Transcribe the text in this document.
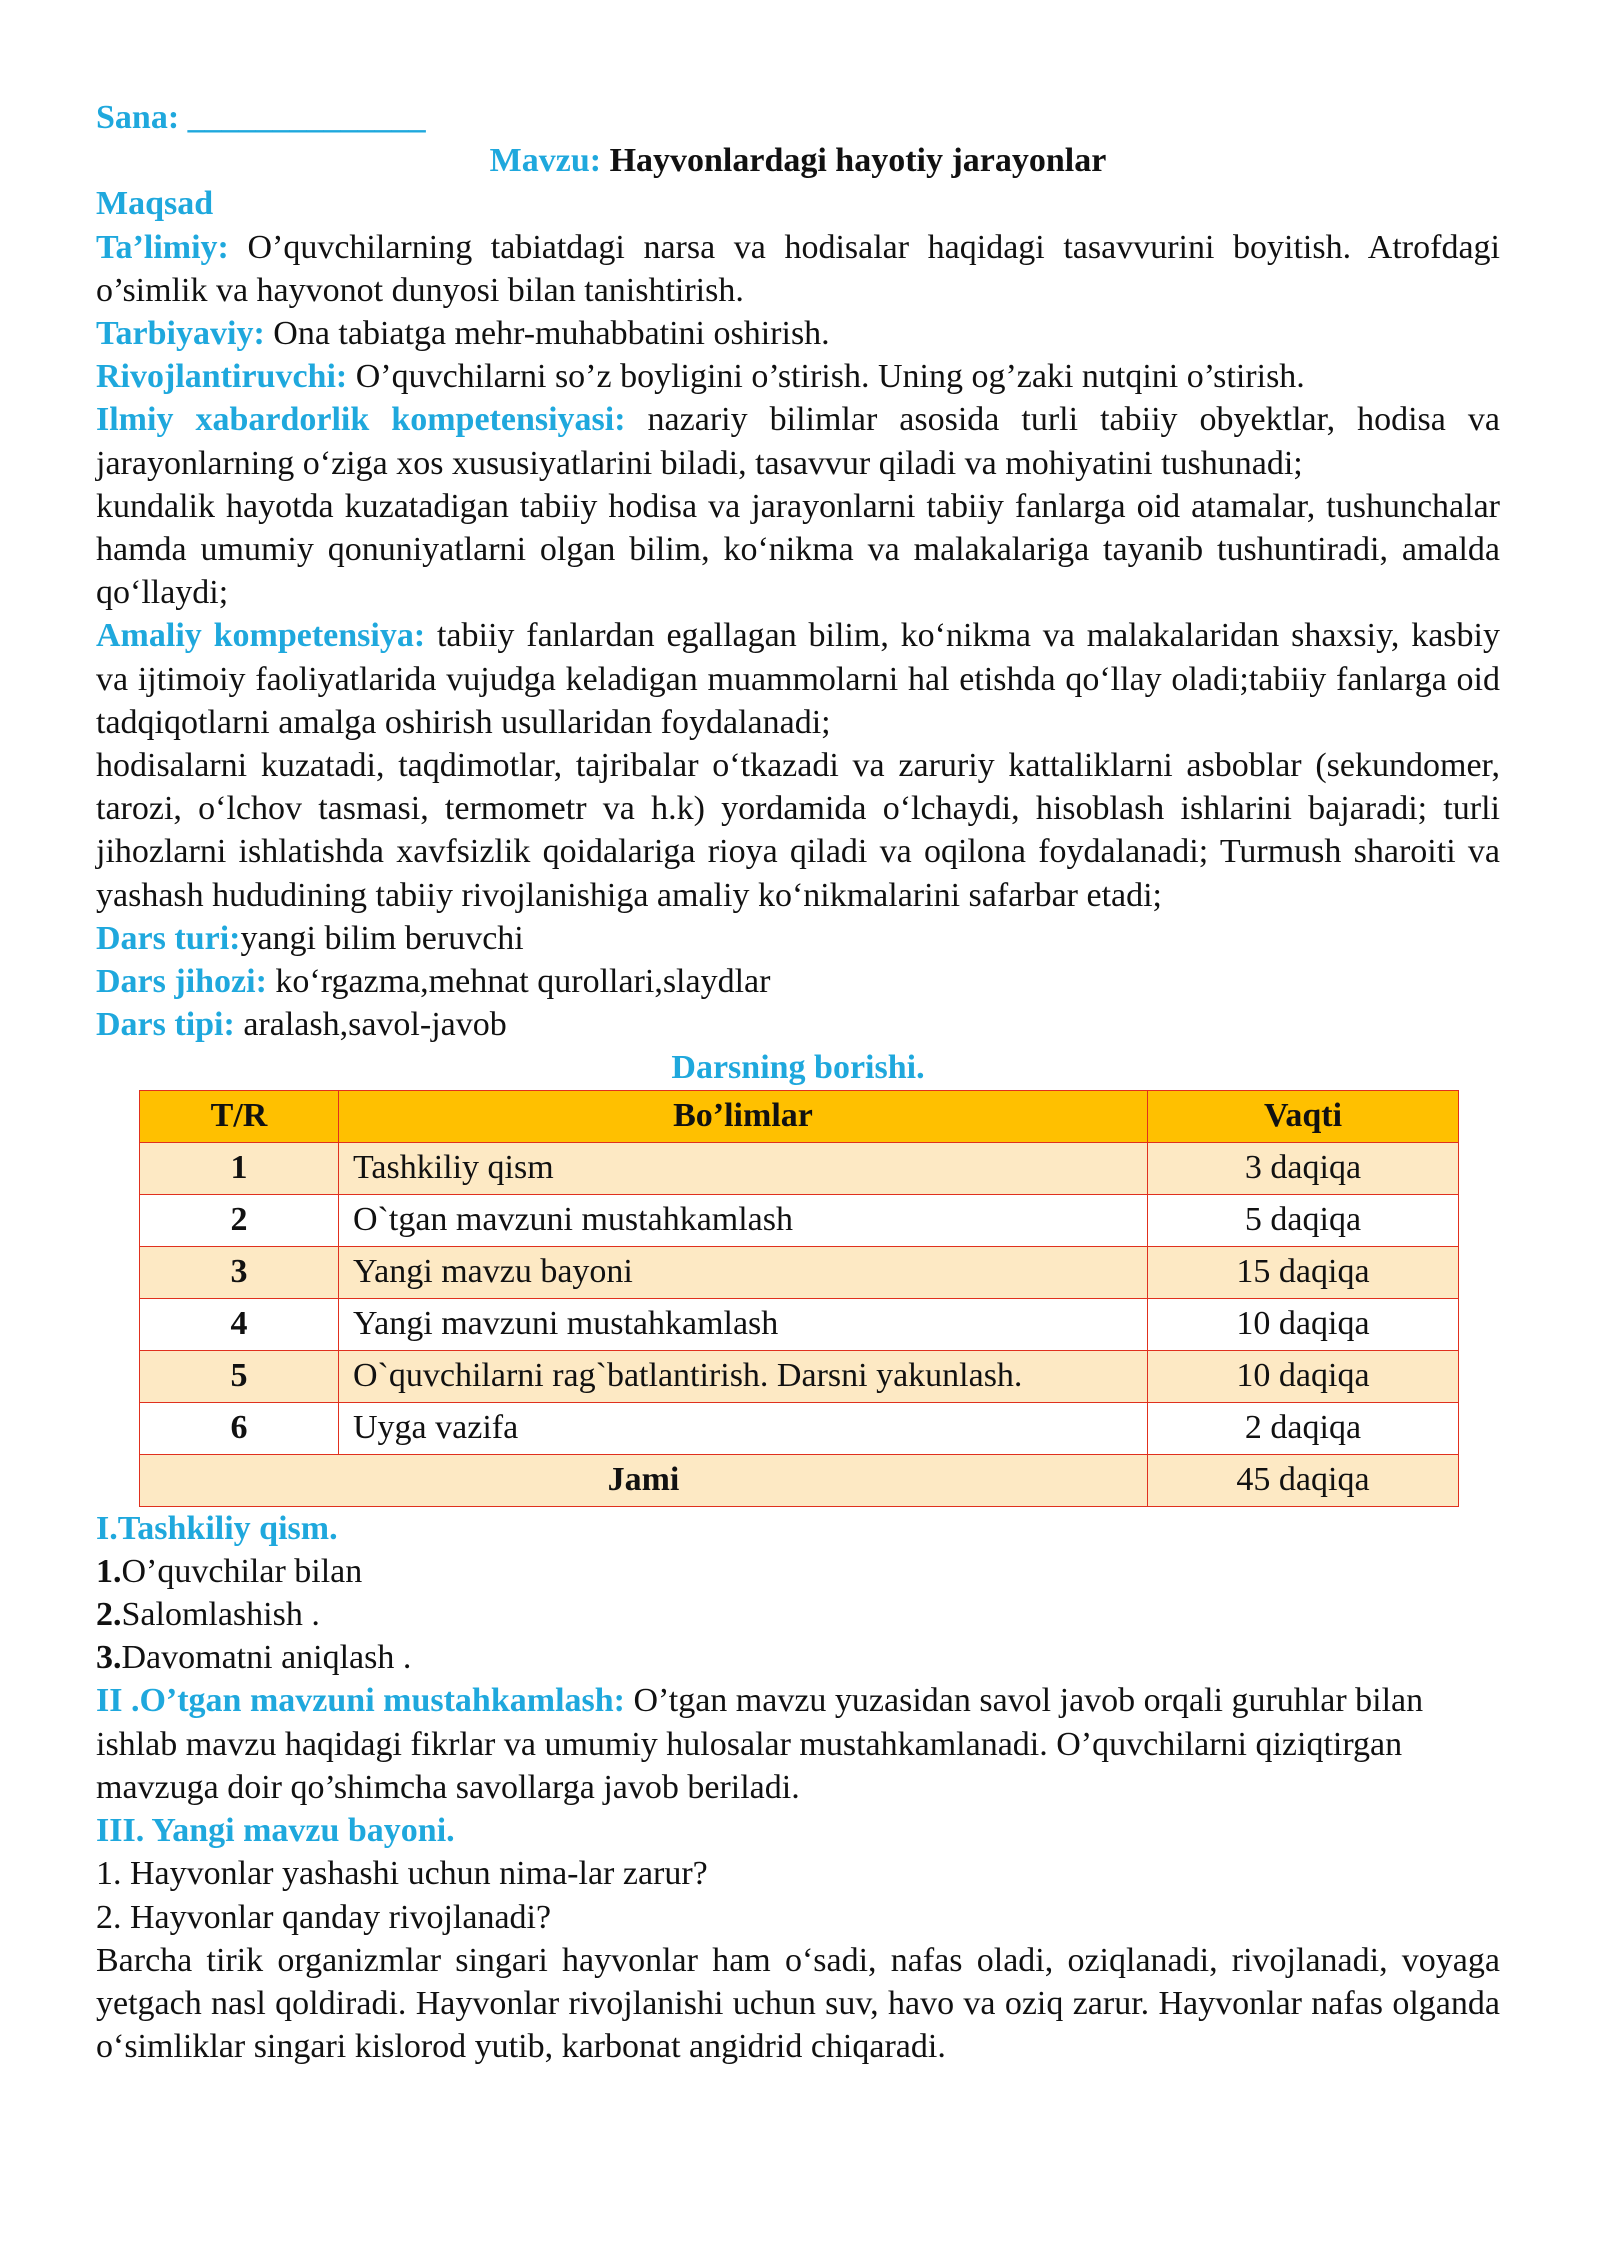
Sana: ______________

Mavzu: Hayvonlardagi hayotiy jarayonlar

Maqsad

Ta’limiy: O’quvchilarning tabiatdagi narsa va hodisalar haqidagi tasavvurini boyitish. Atrofdagi o’simlik va hayvonot dunyosi bilan tanishtirish.

Tarbiyaviy: Ona tabiatga mehr-muhabbatini oshirish.

Rivojlantiruvchi: O’quvchilarni so’z boyligini o’stirish. Uning og’zaki nutqini o’stirish.

Ilmiy xabardorlik kompetensiyasi: nazariy bilimlar asosida turli tabiiy obyektlar, hodisa va jarayonlarning o‘ziga xos xususiyatlarini biladi, tasavvur qiladi va mohiyatini tushunadi;

kundalik hayotda kuzatadigan tabiiy hodisa va jarayonlarni tabiiy fanlarga oid atamalar, tushunchalar hamda umumiy qonuniyatlarni olgan bilim, ko‘nikma va malakalariga tayanib tushuntiradi, amalda qo‘llaydi;

Amaliy kompetensiya: tabiiy fanlardan egallagan bilim, ko‘nikma va malakalaridan shaxsiy, kasbiy va ijtimoiy faoliyatlarida vujudga keladigan muammolarni hal etishda qo‘llay oladi;tabiiy fanlarga oid tadqiqotlarni amalga oshirish usullaridan foydalanadi;

hodisalarni kuzatadi, taqdimotlar, tajribalar o‘tkazadi va zaruriy kattaliklarni asboblar (sekundomer, tarozi, o‘lchov tasmasi, termometr va h.k) yordamida o‘lchaydi, hisoblash ishlarini bajaradi; turli jihozlarni ishlatishda xavfsizlik qoidalariga rioya qiladi va oqilona foydalanadi; Turmush sharoiti va yashash hududining tabiiy rivojlanishiga amaliy ko‘nikmalarini safarbar etadi;

Dars turi:yangi bilim beruvchi

Dars jihozi: ko‘rgazma,mehnat qurollari,slaydlar

Dars tipi: aralash,savol-javob

Darsning borishi.

T/R	Bo’limlar	Vaqti
1	Tashkiliy qism	3 daqiqa
2	O`tgan mavzuni mustahkamlash	5 daqiqa
3	Yangi mavzu bayoni	15 daqiqa
4	Yangi mavzuni mustahkamlash	10 daqiqa
5	O`quvchilarni rag`batlantirish. Darsni yakunlash.	10 daqiqa
6	Uyga vazifa	2 daqiqa
Jami		45 daqiqa

I.Tashkiliy qism.

1.O’quvchilar bilan

2.Salomlashish .

3.Davomatni aniqlash .

II .O’tgan mavzuni mustahkamlash: O’tgan mavzu yuzasidan savol javob orqali guruhlar bilan ishlab mavzu haqidagi fikrlar va umumiy hulosalar mustahkamlanadi. O’quvchilarni qiziqtirgan mavzuga doir qo’shimcha savollarga javob beriladi.

III. Yangi mavzu bayoni.

1. Hayvonlar yashashi uchun nima-lar zarur?

2. Hayvonlar qanday rivojlanadi?

Barcha tirik organizmlar singari hayvonlar ham o‘sadi, nafas oladi, oziqlanadi, rivojlanadi, voyaga yetgach nasl qoldiradi. Hayvonlar rivojlanishi uchun suv, havo va oziq zarur. Hayvonlar nafas olganda o‘simliklar singari kislorod yutib, karbonat angidrid chiqaradi.
